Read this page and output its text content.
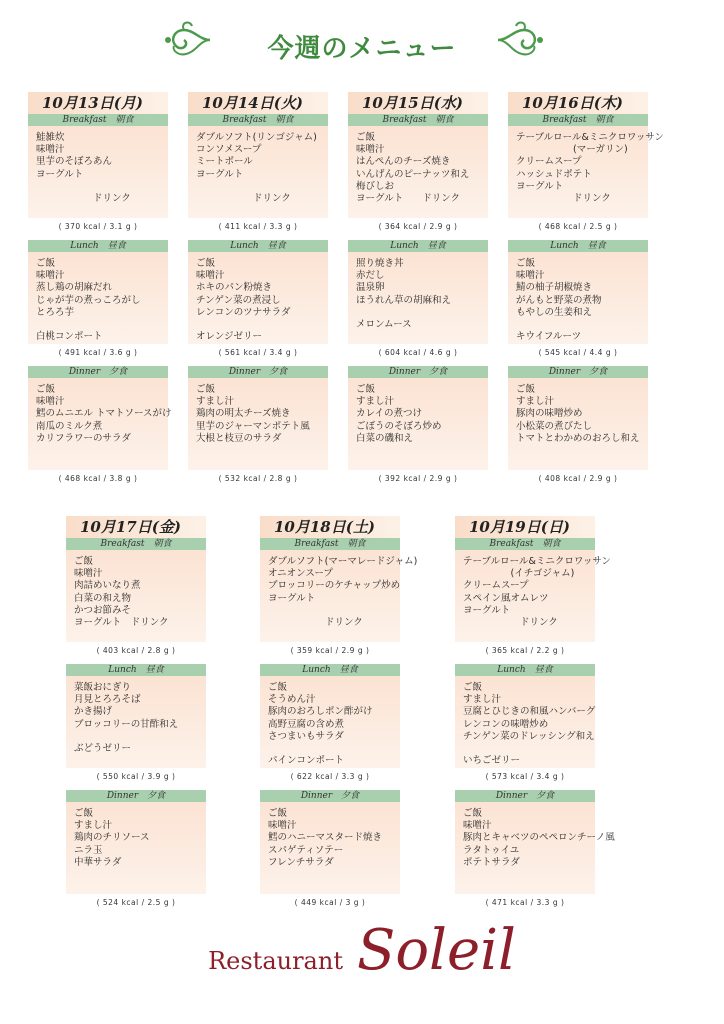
今週のメニュー
10月13日(月)
Breakfast　朝食
鮭雑炊
味噌汁
里芋のそぼろあん
ヨーグルト

　　　　　　ドリンク
( 370 kcal / 3.1 g )
Lunch　昼食
ご飯
味噌汁
蒸し鶏の胡麻だれ
じゃが芋の煮っころがし
とろろ芋

白桃コンポート
( 491 kcal / 3.6 g )
Dinner　夕食
ご飯
味噌汁
鱈のムニエル トマトソースがけ
南瓜のミルク煮
カリフラワーのサラダ
( 468 kcal / 3.8 g )
10月14日(火)
Breakfast　朝食
ダブルソフト(リンゴジャム)
コンソメスープ
ミートボール
ヨーグルト

　　　　　　ドリンク
( 411 kcal / 3.3 g )
Lunch　昼食
ご飯
味噌汁
ホキのパン粉焼き
チンゲン菜の煮浸し
レンコンのツナサラダ

オレンジゼリー
( 561 kcal / 3.4 g )
Dinner　夕食
ご飯
すまし汁
鶏肉の明太チーズ焼き
里芋のジャーマンポテト風
大根と枝豆のサラダ
( 532 kcal / 2.8 g )
10月15日(水)
Breakfast　朝食
ご飯
味噌汁
はんぺんのチーズ焼き
いんげんのピーナッツ和え
梅びしお
ヨーグルト　　ドリンク
( 364 kcal / 2.9 g )
Lunch　昼食
照り焼き丼
赤だし
温泉卵
ほうれん草の胡麻和え

メロンムース
( 604 kcal / 4.6 g )
Dinner　夕食
ご飯
すまし汁
カレイの煮つけ
ごぼうのそぼろ炒め
白菜の磯和え
( 392 kcal / 2.9 g )
10月16日(木)
Breakfast　朝食
テーブルロール&ミニクロワッサン
　　　　　　(マーガリン)
クリームスープ
ハッシュドポテト
ヨーグルト
　　　　　　ドリンク
( 468 kcal / 2.5 g )
Lunch　昼食
ご飯
味噌汁
鯖の柚子胡椒焼き
がんもと野菜の煮物
もやしの生姜和え

キウイフルーツ
( 545 kcal / 4.4 g )
Dinner　夕食
ご飯
すまし汁
豚肉の味噌炒め
小松菜の煮びたし
トマトとわかめのおろし和え
( 408 kcal / 2.9 g )
10月17日(金)
Breakfast　朝食
ご飯
味噌汁
肉詰めいなり煮
白菜の和え物
かつお節みそ
ヨーグルト　ドリンク
( 403 kcal / 2.8 g )
Lunch　昼食
菜飯おにぎり
月見とろろそば
かき揚げ
ブロッコリーの甘酢和え

ぶどうゼリー
( 550 kcal / 3.9 g )
Dinner　夕食
ご飯
すまし汁
鶏肉のチリソース
ニラ玉
中華サラダ
( 524 kcal / 2.5 g )
10月18日(土)
Breakfast　朝食
ダブルソフト(マーマレードジャム)
オニオンスープ
ブロッコリーのケチャップ炒め
ヨーグルト

　　　　　　ドリンク
( 359 kcal / 2.9 g )
Lunch　昼食
ご飯
そうめん汁
豚肉のおろしポン酢がけ
高野豆腐の含め煮
さつまいもサラダ

パインコンポート
( 622 kcal / 3.3 g )
Dinner　夕食
ご飯
味噌汁
鱈のハニーマスタード焼き
スパゲティソテー
フレンチサラダ
( 449 kcal / 3 g )
10月19日(日)
Breakfast　朝食
テーブルロール&ミニクロワッサン
　　　　　(イチゴジャム)
クリームスープ
スペイン風オムレツ
ヨーグルト
　　　　　　ドリンク
( 365 kcal / 2.2 g )
Lunch　昼食
ご飯
すまし汁
豆腐とひじきの和風ハンバーグ
レンコンの味噌炒め
チンゲン菜のドレッシング和え

いちごゼリー
( 573 kcal / 3.4 g )
Dinner　夕食
ご飯
味噌汁
豚肉とキャベツのペペロンチーノ風
ラタトゥイユ
ポテトサラダ
( 471 kcal / 3.3 g )
Restaurant Soleil
